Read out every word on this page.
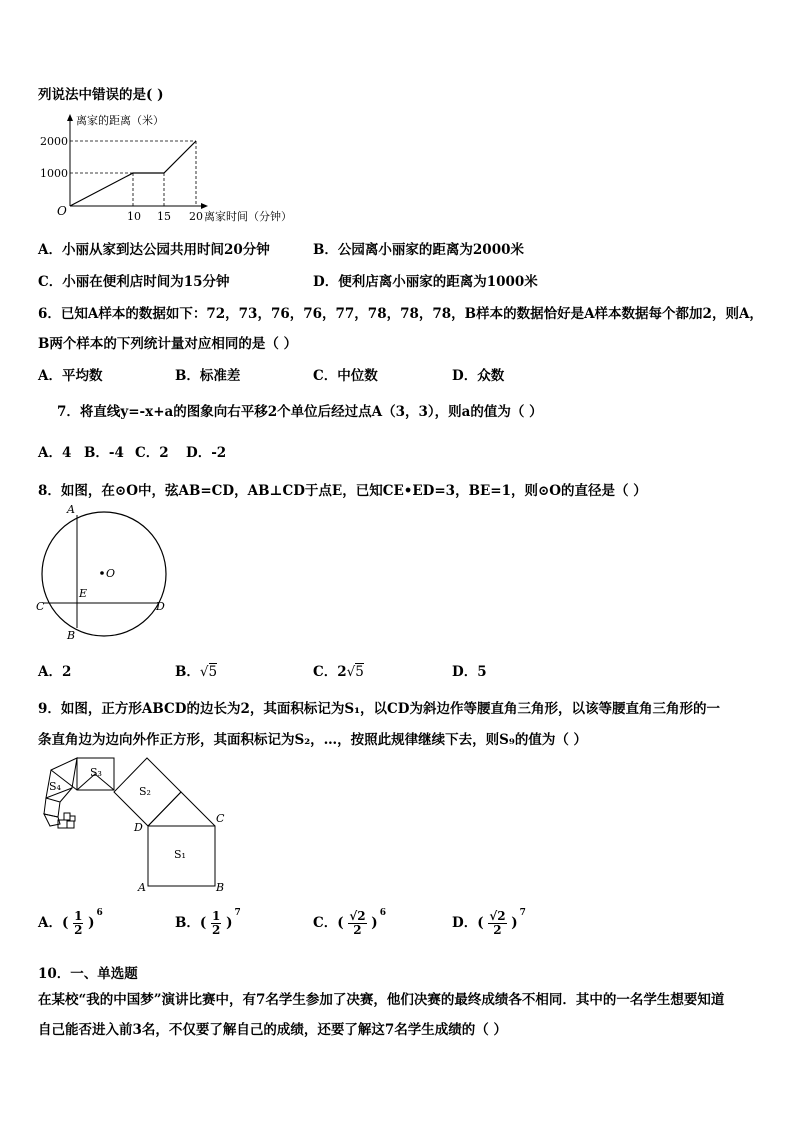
列说法中错误的是( )
离家的距离（米）
2000
1000
O	10 15 20 离家时间（分钟）
A．小丽从家到达公园共用时间20分钟	B．公园离小丽家的距离为2000米
C．小丽在便利店时间为15分钟	D．便利店离小丽家的距离为1000米
6．已知A样本的数据如下：72，73，76，76，77，78，78，78，B样本的数据恰好是A样本数据每个都加2，则A，
B两个样本的下列统计量对应相同的是（ ）
A．平均数	B．标准差	C．中位数	D．众数
7．将直线y=-x+a的图象向右平移2个单位后经过点A（3，3），则a的值为（ ）
A．4 B．-4 C．2 D．-2
8．如图，在⊙O中，弦AB=CD，AB⊥CD于点E，已知CE•ED=3，BE=1，则⊙O的直径是（ ）
A
O
E
C	D
B
A．2	B．√5	C．2√5	D．5
9．如图，正方形ABCD的边长为2，其面积标记为S₁，以CD为斜边作等腰直角三角形，以该等腰直角三角形的一
条直角边为边向外作正方形，其面积标记为S₂，…，按照此规律继续下去，则S₉的值为（ ）
S₁
S₂
S₃
S₄
C
D
A	B
A．( $\frac{1}{2} )^6$
B．( $\frac{1}{2} )^7$
C．( $\frac{√2}{2} )^6$
D．( $\frac{√2}{2} )^7$
10．一、单选题
在某校“我的中国梦”演讲比赛中，有7名学生参加了决赛，他们决赛的最终成绩各不相同．其中的一名学生想要知道
自己能否进入前3名，不仅要了解自己的成绩，还要了解这7名学生成绩的（ ）
